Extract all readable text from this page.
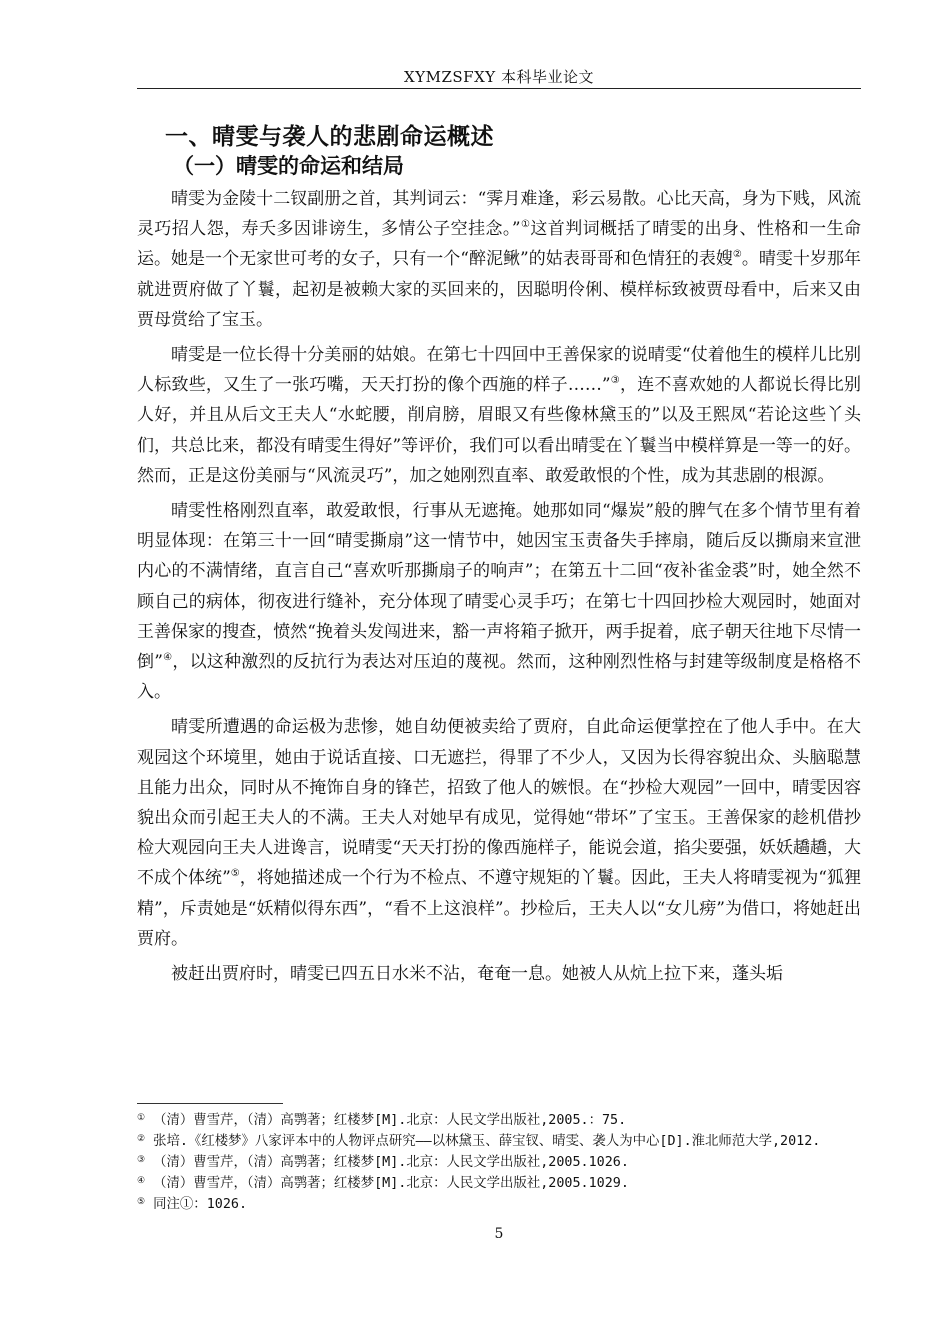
XYMZSFXY 本科毕业论文
一、晴雯与袭人的悲剧命运概述
（一）晴雯的命运和结局

晴雯为金陵十二钗副册之首，其判词云：“霁月难逢，彩云易散。心比天高，身为下贱，风流灵巧招人怨，寿夭多因诽谤生，多情公子空挂念。”①这首判词概括了晴雯的出身、性格和一生命运。她是一个无家世可考的女子，只有一个“醉泥鳅”的姑表哥哥和色情狂的表嫂②。晴雯十岁那年就进贾府做了丫鬟，起初是被赖大家的买回来的，因聪明伶俐、模样标致被贾母看中，后来又由贾母赏给了宝玉。

晴雯是一位长得十分美丽的姑娘。在第七十四回中王善保家的说晴雯“仗着他生的模样儿比别人标致些，又生了一张巧嘴，天天打扮的像个西施的样子……”③，连不喜欢她的人都说长得比别人好，并且从后文王夫人“水蛇腰，削肩膀，眉眼又有些像林黛玉的”以及王熙凤“若论这些丫头们，共总比来，都没有晴雯生得好”等评价，我们可以看出晴雯在丫鬟当中模样算是一等一的好。然而，正是这份美丽与“风流灵巧”，加之她刚烈直率、敢爱敢恨的个性，成为其悲剧的根源。

晴雯性格刚烈直率，敢爱敢恨，行事从无遮掩。她那如同“爆炭”般的脾气在多个情节里有着明显体现：在第三十一回“晴雯撕扇”这一情节中，她因宝玉责备失手摔扇，随后反以撕扇来宣泄内心的不满情绪，直言自己“喜欢听那撕扇子的响声”；在第五十二回“夜补雀金裘”时，她全然不顾自己的病体，彻夜进行缝补，充分体现了晴雯心灵手巧；在第七十四回抄检大观园时，她面对王善保家的搜查，愤然“挽着头发闯进来，豁一声将箱子掀开，两手捉着，底子朝天往地下尽情一倒”④，以这种激烈的反抗行为表达对压迫的蔑视。然而，这种刚烈性格与封建等级制度是格格不入。

晴雯所遭遇的命运极为悲惨，她自幼便被卖给了贾府，自此命运便掌控在了他人手中。在大观园这个环境里，她由于说话直接、口无遮拦，得罪了不少人，又因为长得容貌出众、头脑聪慧且能力出众，同时从不掩饰自身的锋芒，招致了他人的嫉恨。在“抄检大观园”一回中，晴雯因容貌出众而引起王夫人的不满。王夫人对她早有成见，觉得她“带坏”了宝玉。王善保家的趁机借抄检大观园向王夫人进谗言，说晴雯“天天打扮的像西施样子，能说会道，掐尖要强，妖妖趫趫，大不成个体统”⑤，将她描述成一个行为不检点、不遵守规矩的丫鬟。因此，王夫人将晴雯视为“狐狸精”，斥责她是“妖精似得东西”，“看不上这浪样”。抄检后，王夫人以“女儿痨”为借口，将她赶出贾府。

被赶出贾府时，晴雯已四五日水米不沾，奄奄一息。她被人从炕上拉下来，蓬头垢

① （清）曹雪芹，（清）高鹗著；红楼梦[M].北京：人民文学出版社,2005.：75.

② 张培.《红楼梦》八家评本中的人物评点研究——以林黛玉、薛宝钗、晴雯、袭人为中心[D].淮北师范大学,2012.

③ （清）曹雪芹，（清）高鹗著；红楼梦[M].北京：人民文学出版社,2005.1026.

④ （清）曹雪芹，（清）高鹗著；红楼梦[M].北京：人民文学出版社,2005.1029.

⑤ 同注①：1026.

5
